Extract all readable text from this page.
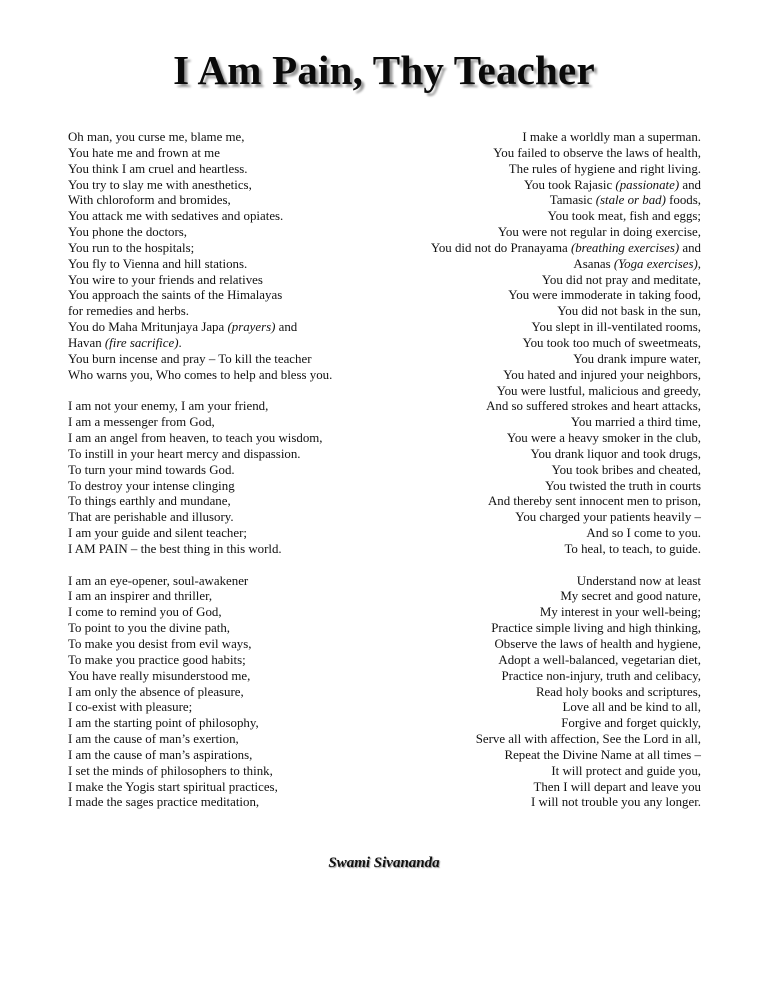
I Am Pain, Thy Teacher
Oh man, you curse me, blame me,
You hate me and frown at me
You think I am cruel and heartless.
You try to slay me with anesthetics,
With chloroform and bromides,
You attack me with sedatives and opiates.
You phone the doctors,
You run to the hospitals;
You fly to Vienna and hill stations.
You wire to your friends and relatives
You approach the saints of the Himalayas
for remedies and herbs.
You do Maha Mritunjaya Japa (prayers) and
Havan (fire sacrifice).
You burn incense and pray – To kill the teacher
Who warns you, Who comes to help and bless you.
I am not your enemy, I am your friend,
I am a messenger from God,
I am an angel from heaven, to teach you wisdom,
To instill in your heart mercy and dispassion.
To turn your mind towards God.
To destroy your intense clinging
To things earthly and mundane,
That are perishable and illusory.
I am your guide and silent teacher;
I AM PAIN – the best thing in this world.
I am an eye-opener, soul-awakener
I am an inspirer and thriller,
I come to remind you of God,
To point to you the divine path,
To make you desist from evil ways,
To make you practice good habits;
You have really misunderstood me,
I am only the absence of pleasure,
I co-exist with pleasure;
I am the starting point of philosophy,
I am the cause of man’s exertion,
I am the cause of man’s aspirations,
I set the minds of philosophers to think,
I make the Yogis start spiritual practices,
I made the sages practice meditation,
I make a worldly man a superman.
You failed to observe the laws of health,
The rules of hygiene and right living.
You took Rajasic (passionate) and
Tamasic (stale or bad) foods,
You took meat, fish and eggs;
You were not regular in doing exercise,
You did not do Pranayama (breathing exercises) and
Asanas (Yoga exercises),
You did not pray and meditate,
You were immoderate in taking food,
You did not bask in the sun,
You slept in ill-ventilated rooms,
You took too much of sweetmeats,
You drank impure water,
You hated and injured your neighbors,
You were lustful, malicious and greedy,
And so suffered strokes and heart attacks,
You married a third time,
You were a heavy smoker in the club,
You drank liquor and took drugs,
You took bribes and cheated,
You twisted the truth in courts
And thereby sent innocent men to prison,
You charged your patients heavily –
And so I come to you.
To heal, to teach, to guide.
Understand now at least
My secret and good nature,
My interest in your well-being;
Practice simple living and high thinking,
Observe the laws of health and hygiene,
Adopt a well-balanced, vegetarian diet,
Practice non-injury, truth and celibacy,
Read holy books and scriptures,
Love all and be kind to all,
Forgive and forget quickly,
Serve all with affection, See the Lord in all,
Repeat the Divine Name at all times –
It will protect and guide you,
Then I will depart and leave you
I will not trouble you any longer.
Swami Sivananda
